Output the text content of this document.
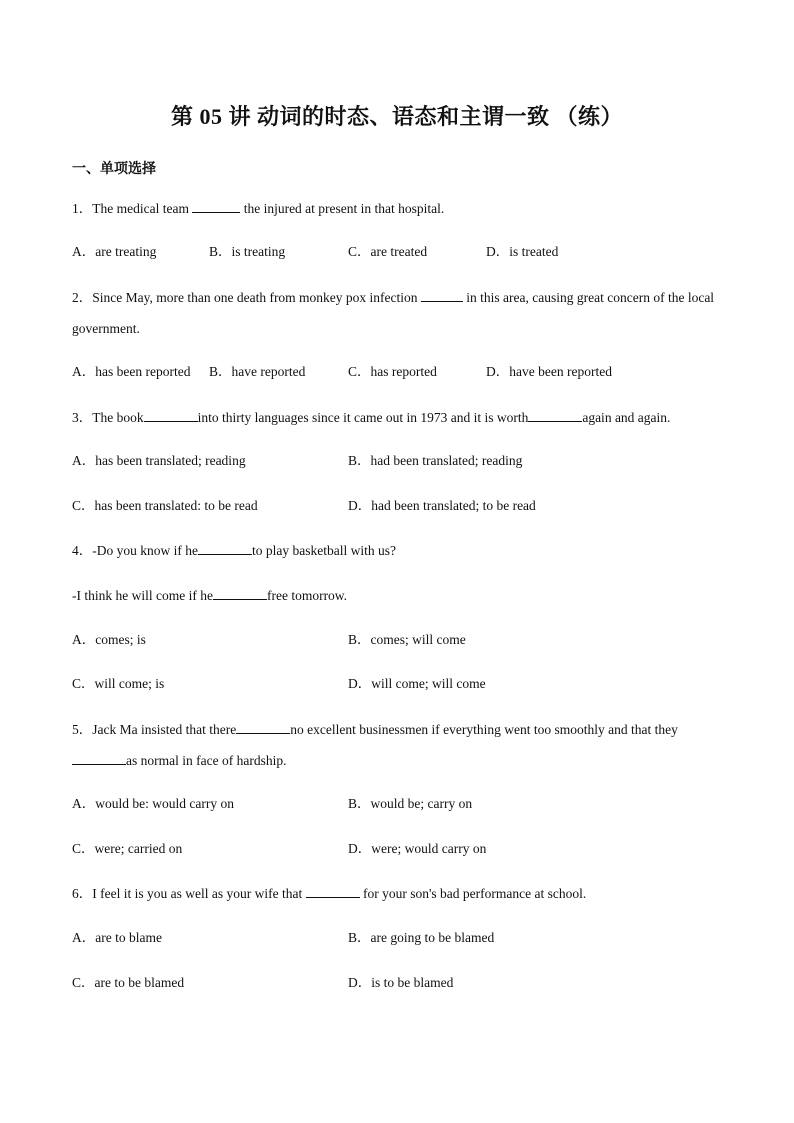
第 05 讲 动词的时态、语态和主谓一致 （练）
一、单项选择
1．The medical team	the injured at present in that hospital.
A．are treating	B．is treating	C．are treated	D．is treated
2．Since May, more than one death from monkey pox infection	in this area, causing great concern of the local government.
A．has been reported B．have reported	C．has reported	D．have been reported
3．The book	into thirty languages since it came out in 1973 and it is worth	again and again.
A．has been translated; reading	B．had been translated; reading
C．has been translated: to be read	D．had been translated; to be read
4．-Do you know if he	to play basketball with us?
-I think he will come if he	free tomorrow.
A．comes; is	B．comes; will come
C．will come; is	D．will come; will come
5．Jack Ma insisted that there	no excellent businessmen if everything went too smoothly and that they as normal in face of hardship.
A．would be: would carry on	B．would be; carry on
C．were; carried on	D．were; would carry on
6．I feel it is you as well as your wife that	for your son's bad performance at school.
A．are to blame	B．are going to be blamed
C．are to be blamed	D．is to be blamed
